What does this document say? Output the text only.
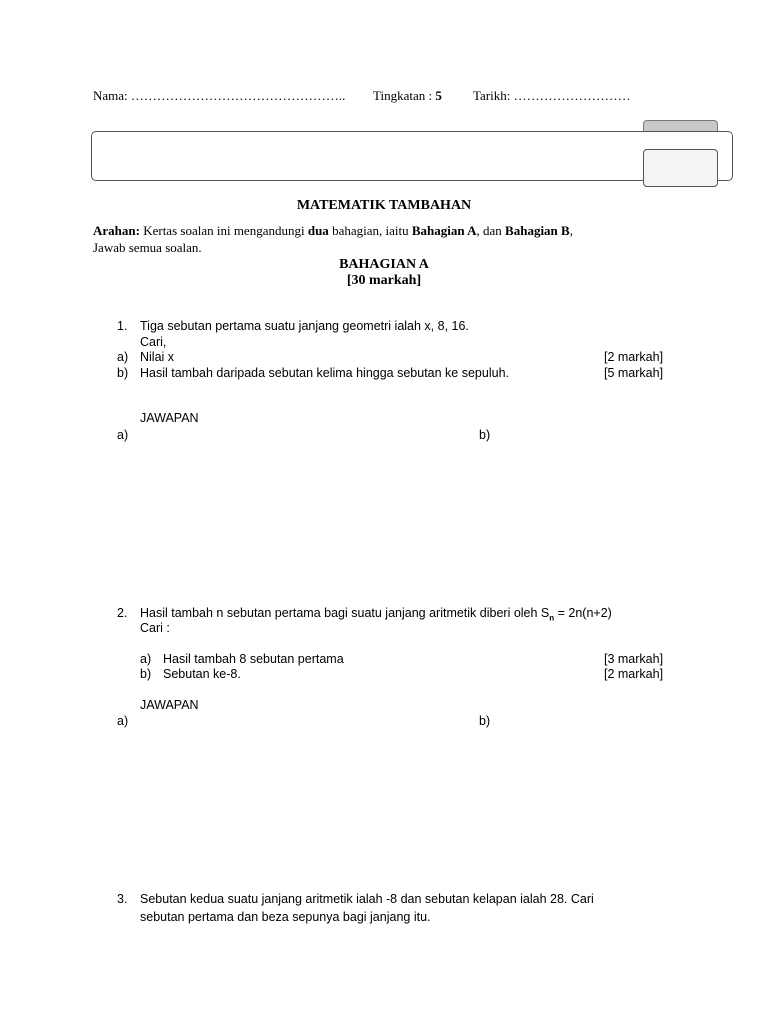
Nama: ………………………………………….. Tingkatan : 5 Tarikh: ………………………
MATEMATIK TAMBAHAN
Arahan: Kertas soalan ini mengandungi dua bahagian, iaitu Bahagian A, dan Bahagian B,
Jawab semua soalan.
BAHAGIAN A
[30 markah]
1. Tiga sebutan pertama suatu janjang geometri ialah x, 8, 16.
Cari,
a) Nilai x	[2 markah]
b) Hasil tambah daripada sebutan kelima hingga sebutan ke sepuluh.	[5 markah]
JAWAPAN
a)	b)
2. Hasil tambah n sebutan pertama bagi suatu janjang aritmetik diberi oleh $S_n = 2n(n+2)$
Cari :
a) Hasil tambah 8 sebutan pertama	[3 markah]
b) Sebutan ke-8.	[2 markah]
JAWAPAN
a)	b)
3. Sebutan kedua suatu janjang aritmetik ialah -8 dan sebutan kelapan ialah 28. Cari
sebutan pertama dan beza sepunya bagi janjang itu.
